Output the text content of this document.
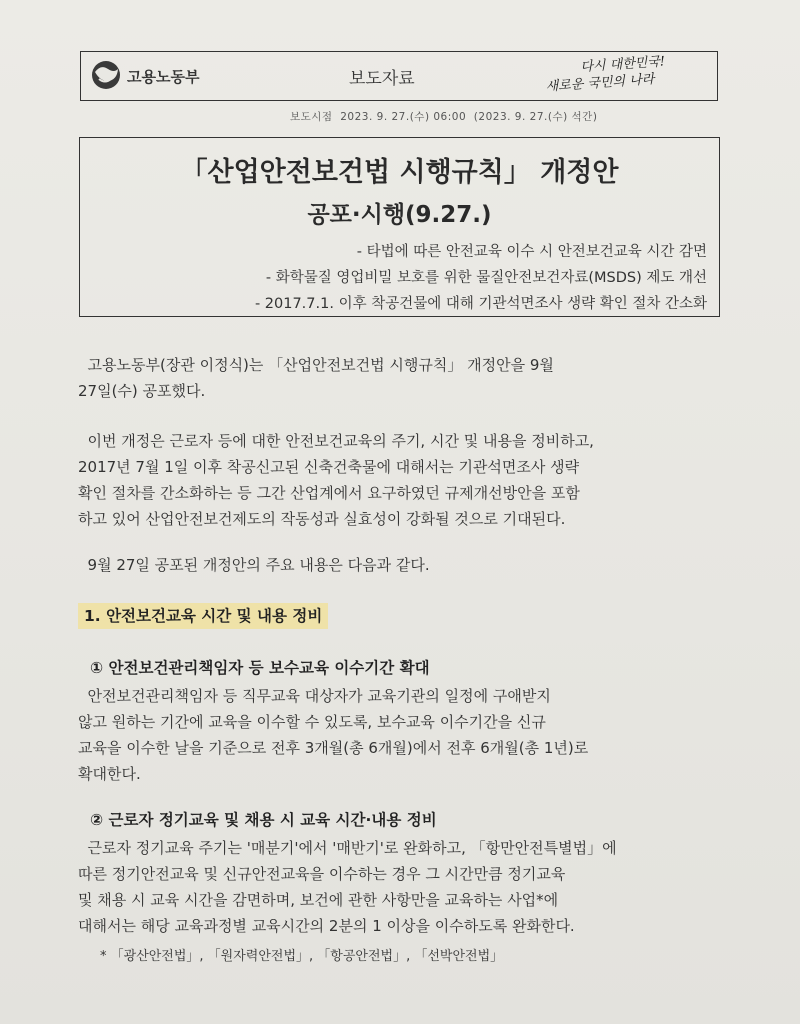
고용노동부	보도자료
다시 대한민국!
새로운 국민의 나라
보도시점  2023. 9. 27.(수) 06:00  (2023. 9. 27.(수) 석간)
「산업안전보건법 시행규칙」 개정안
공포·시행(9.27.)
- 타법에 따른 안전교육 이수 시 안전보건교육 시간 감면
- 화학물질 영업비밀 보호를 위한 물질안전보건자료(MSDS) 제도 개선
- 2017.7.1. 이후 착공건물에 대해 기관석면조사 생략 확인 절차 간소화
고용노동부(장관 이정식)는 「산업안전보건법 시행규칙」 개정안을 9월
27일(수) 공포했다.
이번 개정은 근로자 등에 대한 안전보건교육의 주기, 시간 및 내용을 정비하고,
2017년 7월 1일 이후 착공신고된 신축건축물에 대해서는 기관석면조사 생략
확인 절차를 간소화하는 등 그간 산업계에서 요구하였던 규제개선방안을 포함
하고 있어 산업안전보건제도의 작동성과 실효성이 강화될 것으로 기대된다.
9월 27일 공포된 개정안의 주요 내용은 다음과 같다.
1. 안전보건교육 시간 및 내용 정비
① 안전보건관리책임자 등 보수교육 이수기간 확대
안전보건관리책임자 등 직무교육 대상자가 교육기관의 일정에 구애받지
않고 원하는 기간에 교육을 이수할 수 있도록, 보수교육 이수기간을 신규
교육을 이수한 날을 기준으로 전후 3개월(총 6개월)에서 전후 6개월(총 1년)로
확대한다.
② 근로자 정기교육 및 채용 시 교육 시간·내용 정비
근로자 정기교육 주기는 '매분기'에서 '매반기'로 완화하고, 「항만안전특별법」에
따른 정기안전교육 및 신규안전교육을 이수하는 경우 그 시간만큼 정기교육
및 채용 시 교육 시간을 감면하며, 보건에 관한 사항만을 교육하는 사업*에
대해서는 해당 교육과정별 교육시간의 2분의 1 이상을 이수하도록 완화한다.
* 「광산안전법」, 「원자력안전법」, 「항공안전법」, 「선박안전법」
